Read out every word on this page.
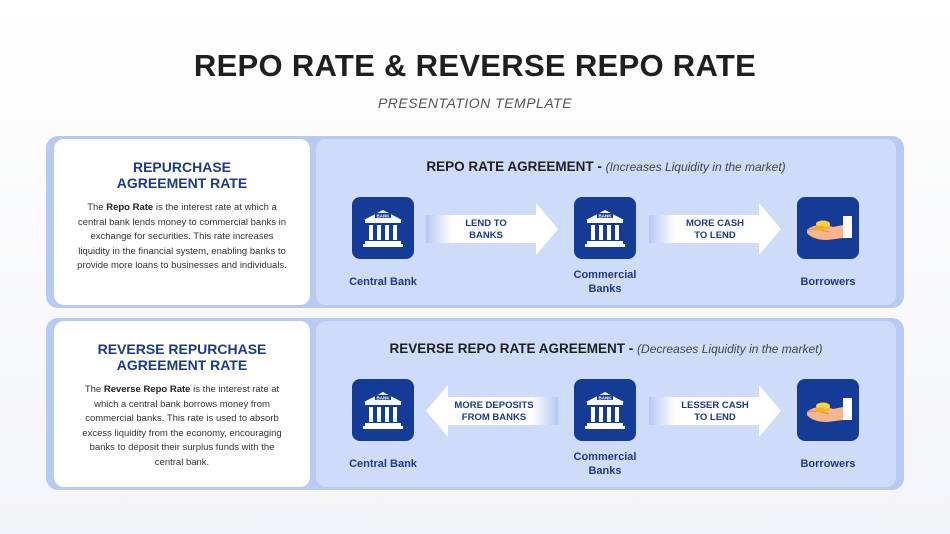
REPO RATE & REVERSE REPO RATE
PRESENTATION TEMPLATE
REPURCHASE
AGREEMENT RATE
The Repo Rate is the interest rate at which a central bank lends money to commercial banks in exchange for securities. This rate increases liquidity in the financial system, enabling banks to provide more loans to businesses and individuals.
REPO RATE AGREEMENT - (Increases Liquidity in the market)
BANK
Central Bank
LEND TO
BANKS
BANK
Commercial
Banks
MORE CASH
TO LEND
Borrowers
REVERSE REPURCHASE
AGREEMENT RATE
The Reverse Repo Rate is the interest rate at which a central bank borrows money from commercial banks. This rate is used to absorb excess liquidity from the economy, encouraging banks to deposit their surplus funds with the central bank.
REVERSE REPO RATE AGREEMENT - (Decreases Liquidity in the market)
BANK
Central Bank
MORE DEPOSITS
FROM BANKS
BANK
Commercial
Banks
LESSER CASH
TO LEND
Borrowers
